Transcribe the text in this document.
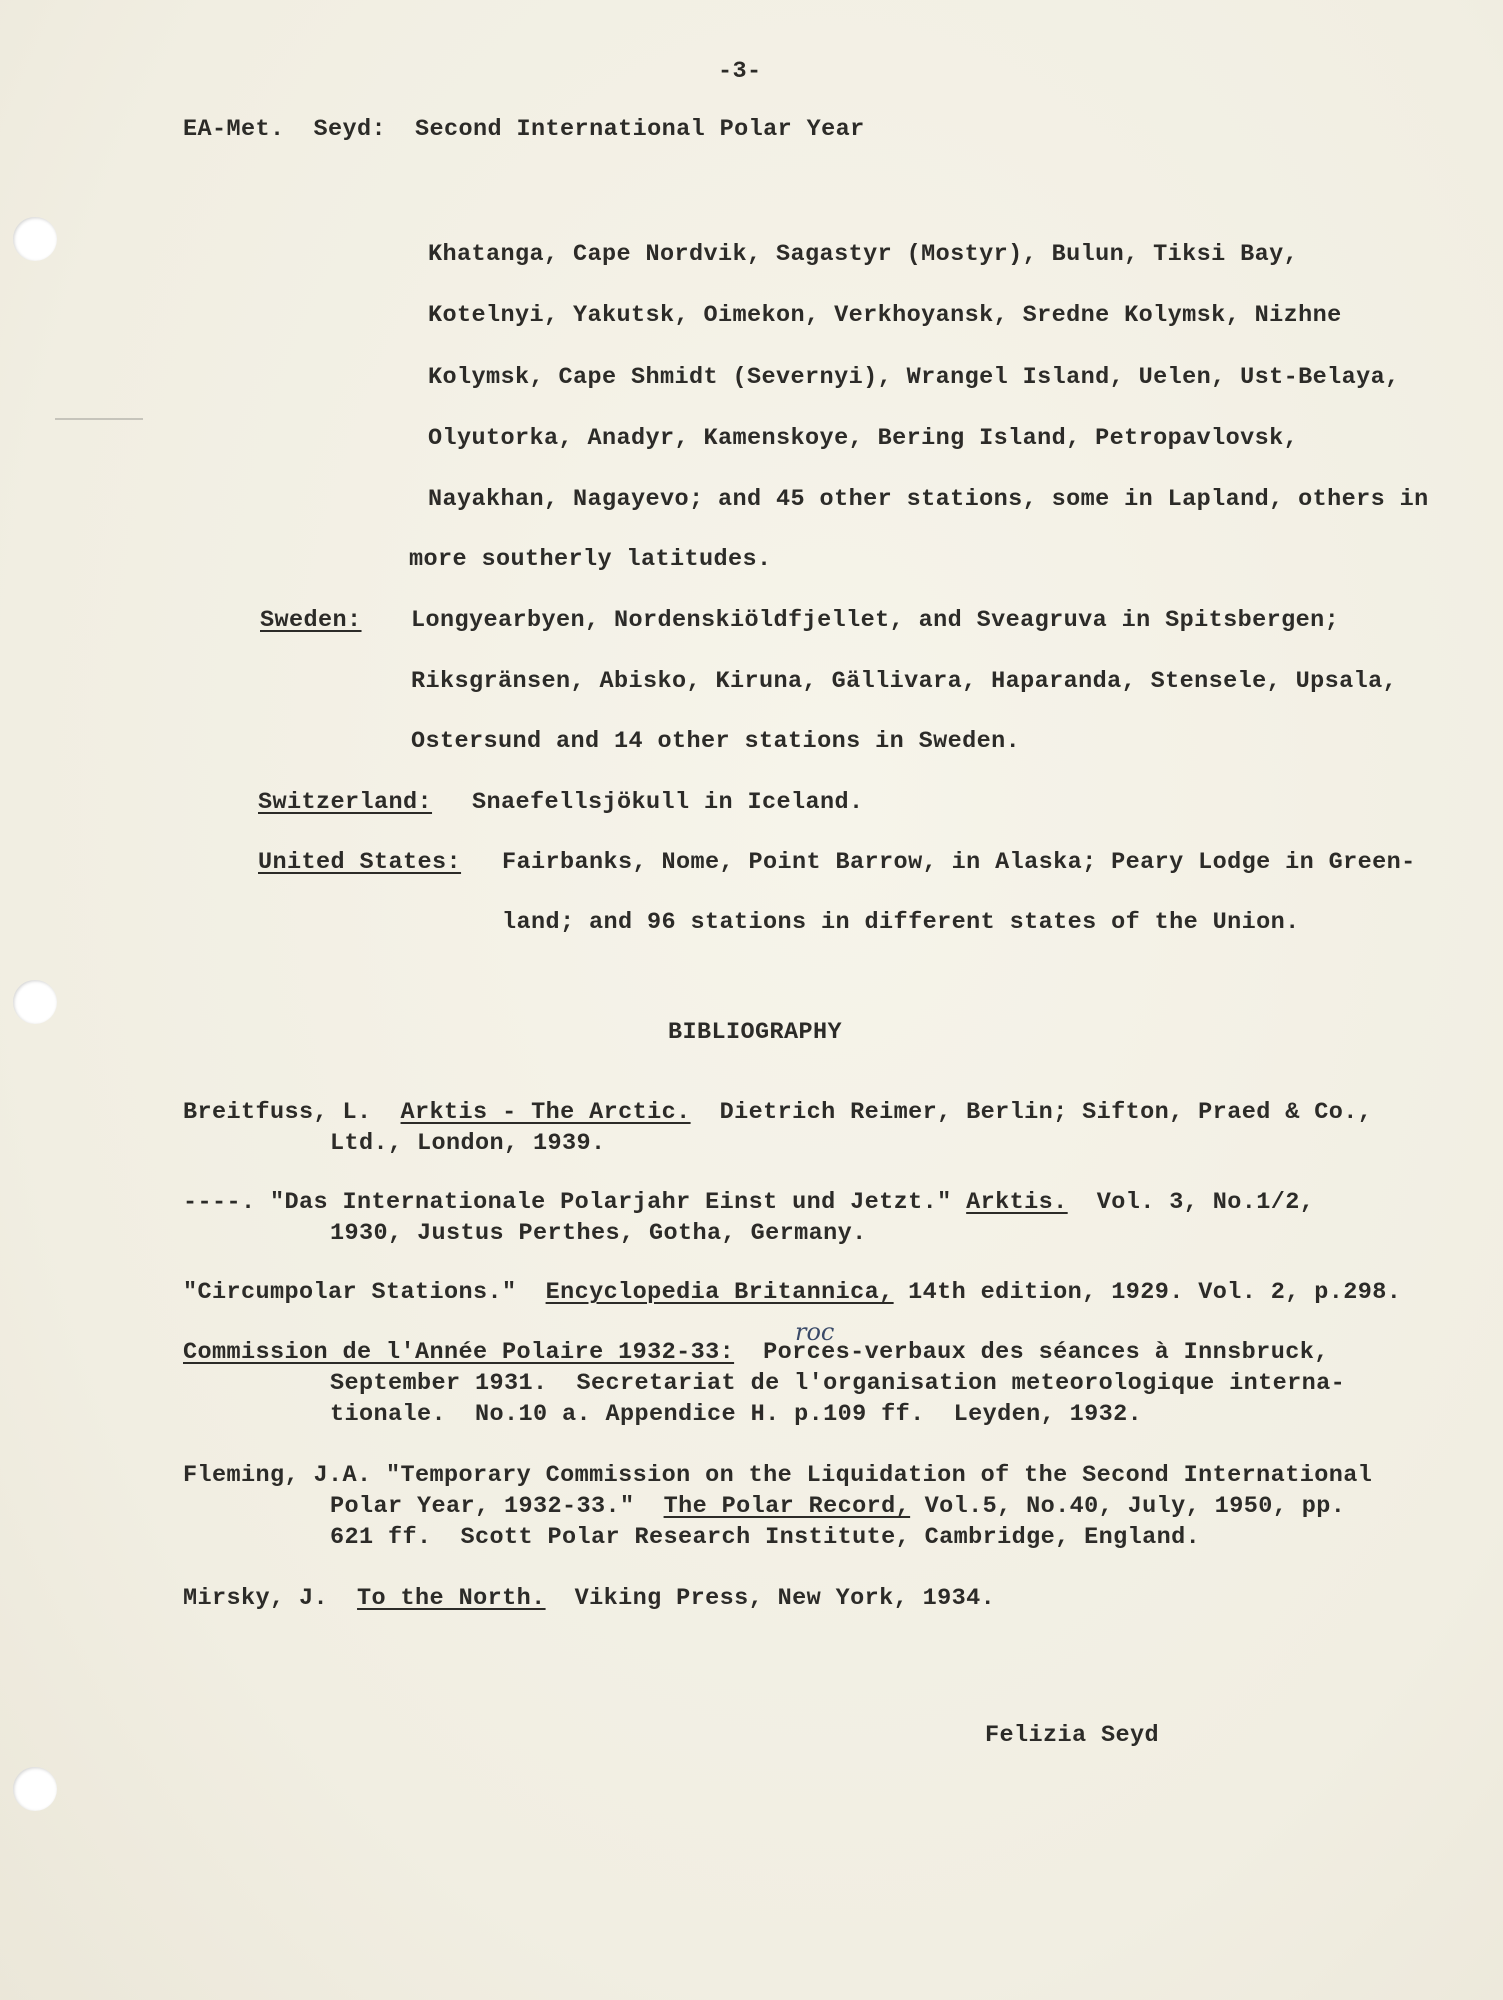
-3-
EA-Met.  Seyd:  Second International Polar Year
Khatanga, Cape Nordvik, Sagastyr (Mostyr), Bulun, Tiksi Bay,
Kotelnyi, Yakutsk, Oimekon, Verkhoyansk, Sredne Kolymsk, Nizhne
Kolymsk, Cape Shmidt (Severnyi), Wrangel Island, Uelen, Ust-Belaya,
Olyutorka, Anadyr, Kamenskoye, Bering Island, Petropavlovsk,
Nayakhan, Nagayevo; and 45 other stations, some in Lapland, others in
more southerly latitudes.
Sweden: Longyearbyen, Nordenskiöldfjellet, and Sveagruva in Spitsbergen;
Riksgränsen, Abisko, Kiruna, Gällivara, Haparanda, Stensele, Upsala,
Ostersund and 14 other stations in Sweden.
Switzerland: Snaefellsjökull in Iceland.
United States: Fairbanks, Nome, Point Barrow, in Alaska; Peary Lodge in Green-
land; and 96 stations in different states of the Union.
BIBLIOGRAPHY
Breitfuss, L. Arktis - The Arctic. Dietrich Reimer, Berlin; Sifton, Praed & Co.,
Ltd., London, 1939.
----. "Das Internationale Polarjahr Einst und Jetzt." Arktis. Vol. 3, No.1/2,
1930, Justus Perthes, Gotha, Germany.
"Circumpolar Stations." Encyclopedia Britannica, 14th edition, 1929. Vol. 2, p.298.
Commission de l'Année Polaire 1932-33: Porces-verbaux des séances à Innsbruck,
September 1931.  Secretariat de l'organisation meteorologique interna-
tionale.  No.10 a. Appendice H. p.109 ff.  Leyden, 1932.
roc
Fleming, J.A. "Temporary Commission on the Liquidation of the Second International
Polar Year, 1932-33." The Polar Record, Vol.5, No.40, July, 1950, pp.
621 ff.  Scott Polar Research Institute, Cambridge, England.
Mirsky, J. To the North. Viking Press, New York, 1934.
Felizia Seyd
